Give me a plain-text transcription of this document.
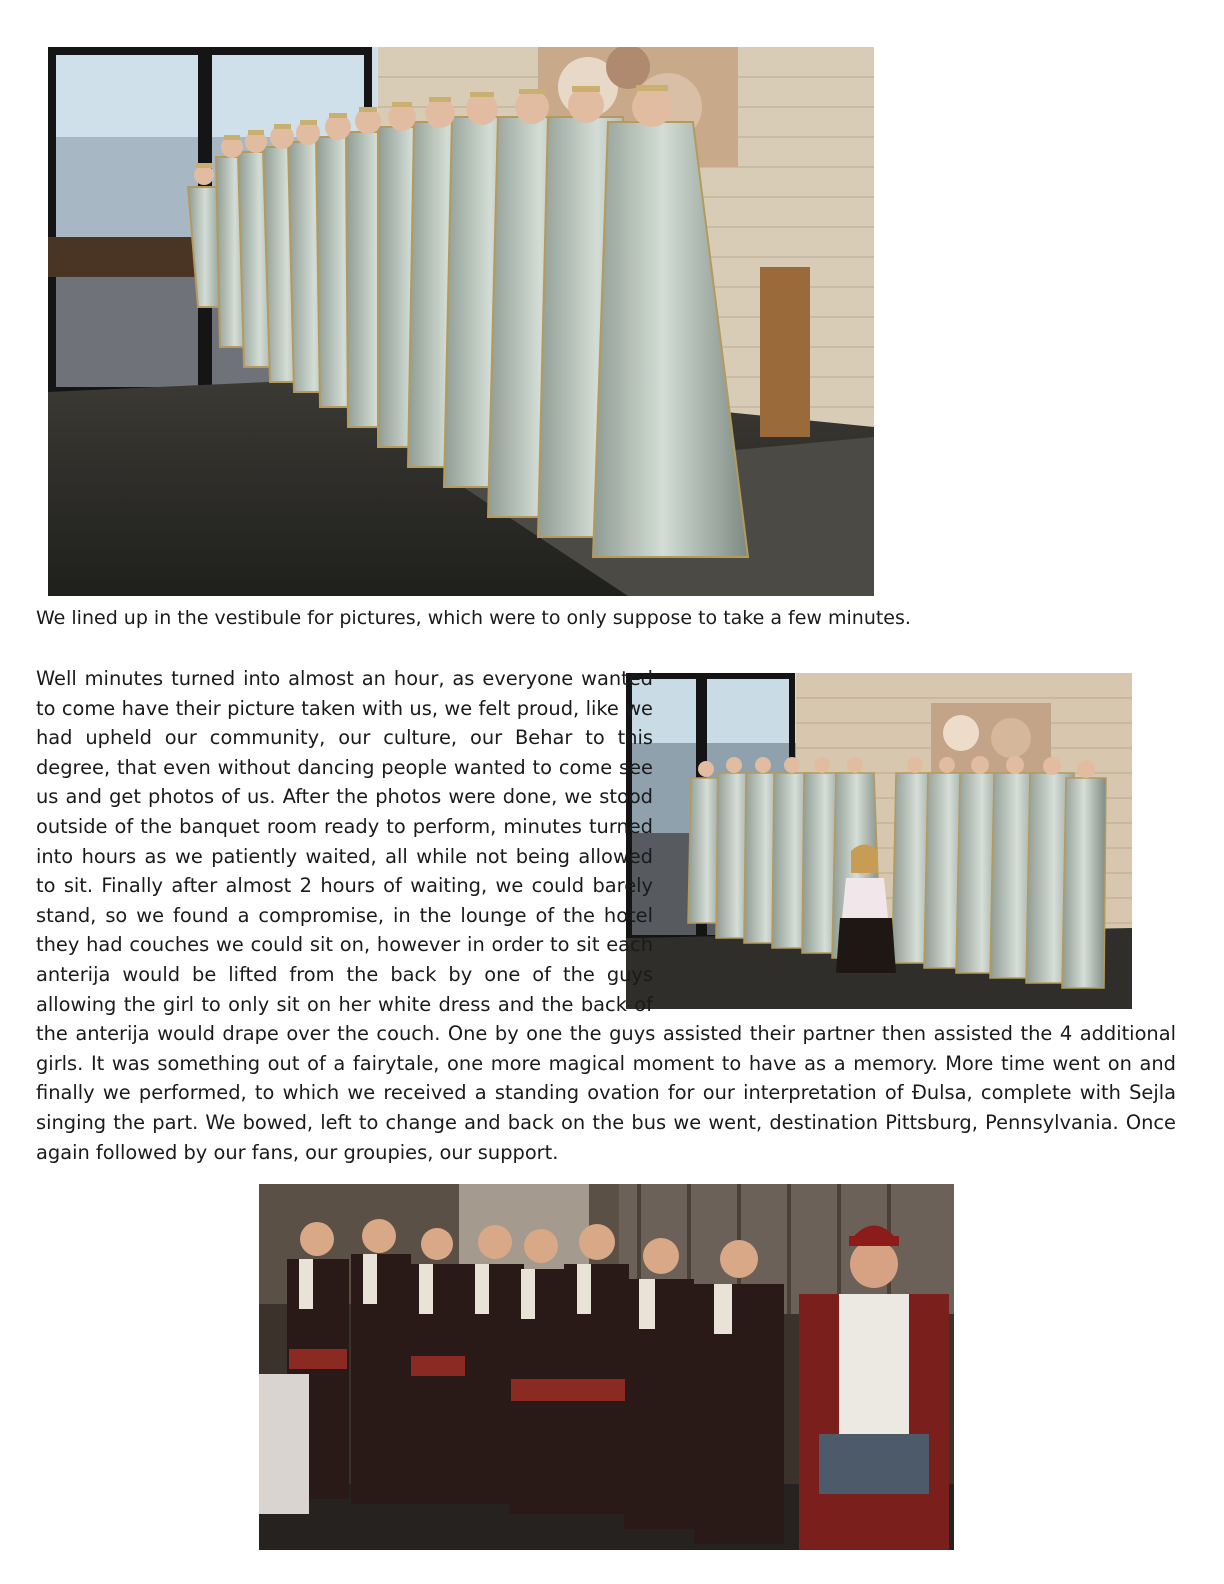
We lined up in the vestibule for pictures, which were to only suppose to take a few minutes.

Well minutes turned into almost an hour, as everyone wanted to come have their picture taken with us, we felt proud, like we had upheld our community, our culture, our Behar to this degree, that even without dancing people wanted to come see us and get photos of us. After the photos were done, we stood outside of the banquet room ready to perform, minutes turned into hours as we patiently waited, all while not being allowed to sit. Finally after almost 2 hours of waiting, we could barely stand, so we found a compromise, in the lounge of the hotel they had couches we could sit on, however in order to sit each anterija would be lifted from the back by one of the guys allowing the girl to only sit on her white dress and the back of the anterija would drape over the couch. One by one the guys assisted their partner then assisted the 4 additional girls. It was something out of a fairytale, one more magical moment to have as a memory. More time went on and finally we performed, to which we received a standing ovation for our interpretation of Đulsa, complete with Sejla singing the part. We bowed, left to change and back on the bus we went, destination Pittsburg, Pennsylvania. Once again followed by our fans, our groupies, our support.
